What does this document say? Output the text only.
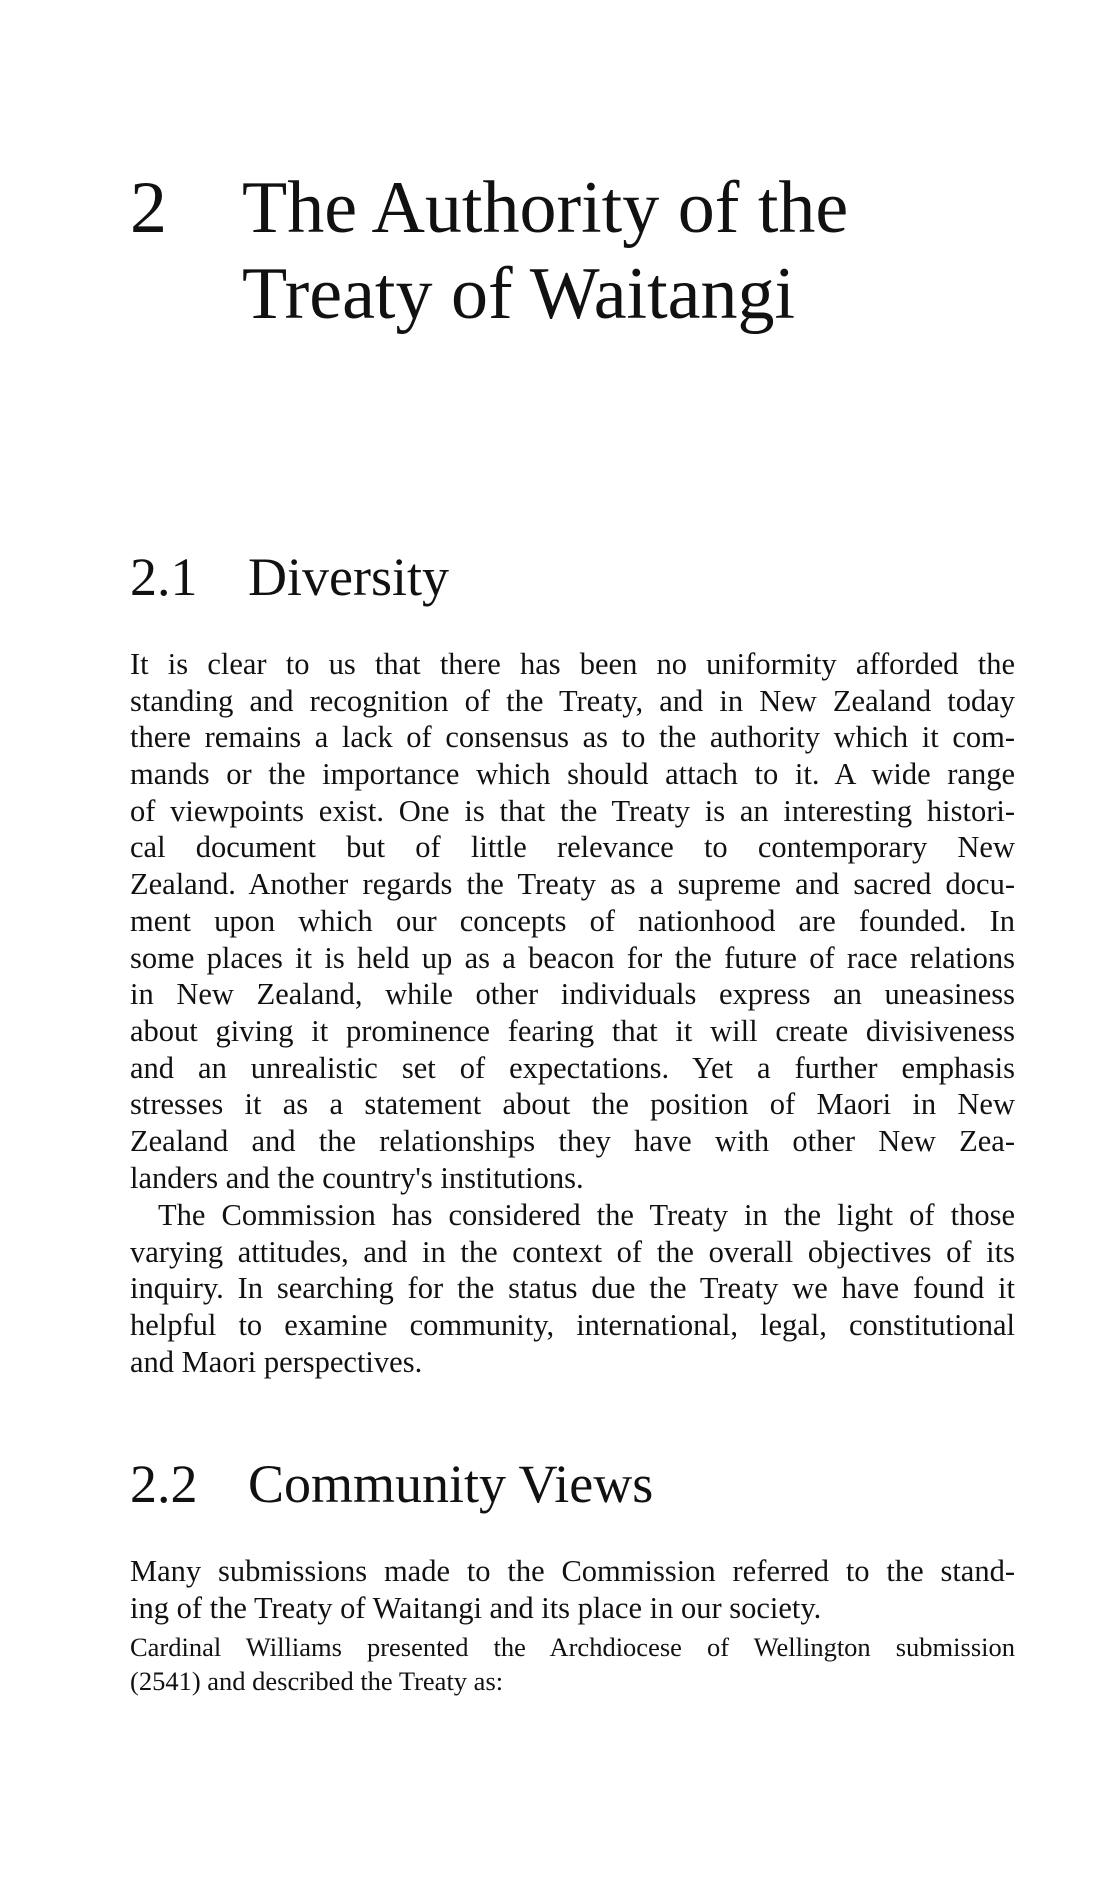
2 The Authority of the
Treaty of Waitangi
2.1 Diversity
It is clear to us that there has been no uniformity afforded the
standing and recognition of the Treaty, and in New Zealand today
there remains a lack of consensus as to the authority which it com-
mands or the importance which should attach to it. A wide range
of viewpoints exist. One is that the Treaty is an interesting histori-
cal document but of little relevance to contemporary New
Zealand. Another regards the Treaty as a supreme and sacred docu-
ment upon which our concepts of nationhood are founded. In
some places it is held up as a beacon for the future of race relations
in New Zealand, while other individuals express an uneasiness
about giving it prominence fearing that it will create divisiveness
and an unrealistic set of expectations. Yet a further emphasis
stresses it as a statement about the position of Maori in New
Zealand and the relationships they have with other New Zea-
landers and the country's institutions.
The Commission has considered the Treaty in the light of those
varying attitudes, and in the context of the overall objectives of its
inquiry. In searching for the status due the Treaty we have found it
helpful to examine community, international, legal, constitutional
and Maori perspectives.
2.2 Community Views
Many submissions made to the Commission referred to the stand-
ing of the Treaty of Waitangi and its place in our society.
Cardinal Williams presented the Archdiocese of Wellington submission
(2541) and described the Treaty as:
